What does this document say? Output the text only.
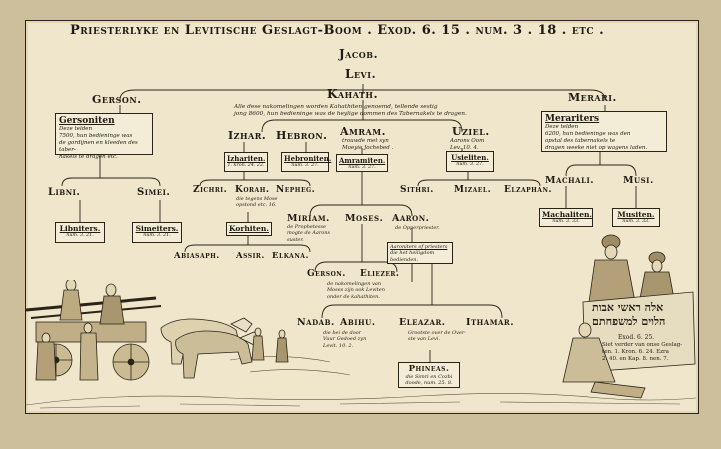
Priesterlyke en Levitische Geslagt-Boom . Exod. 6. 15 . num. 3 . 18 . etc .
Jacob.
Levi.
Gerson.	Kahath.	Merari.
Alle dese nakomelingen worden Kahathiten genoemd, tellende sestig
jong 8600, hun bedieninge was de heylige dommen des Tabernakels te dragen.
Gersoniten
Deze telden
7500, hun bedieninge was
de gordijnen en kleeden des taber-
nakels te dragen etc.
Merariters
Deze telden
6200, hun bedieninge was den
opstal des tabernakels te
dragen weeke niet op wagens laden.
Izhar. Hebron. Amram.
trouwde met syn
Moeyie Jochebed .
Uziel.
Aarons Oom
Lev. 10. 4.
Izhariten.
1. kron. 24. 22.
Hebroniten.
num. 3. 27.
Amramiten.
num. 3. 27.
Usieliten.
num. 3. 27.
Libni.	Simei.
Libniters.
num. 3. 21.
Simeiters.
num. 3. 21.
Zichri. Korah. Nepheg.
die tegens Mose
opstond etc. 16.
Korhiten.
Abiasaph. Assir. Elkana.
Sithri. Mizael. Elzaphan.
Machali.	Musi.
Machaliten.
num. 3. 33.
Musiten.
num. 3. 33.
Miriam.
de Prophetesse
mogte de Aarons
suster.
Moses. Aaron.
de Opperpriester.
Aaroniters of priesters
die het heiligdom
bedienden.
Gerson. Eliezer.
de nakomelingen van
Moses zijn ook Leviten
onder de kahathiten.
Nadab. Abihu. Eleazar. Ithamar.
die bei de door
Vuur Gedoed zyn
Levit. 10. 2.
Grootste over de Over-
ste van Levi.
Phineas.
die Simri en Cozbi
doode, num. 25. 8.
אלה ראשי אבות
הלוים למשפחתם
Exod. 6. 25.
Siet verder van onse Geslag-
ten. 1. Kron. 6. 24. Ezra
2. 40. en Kap. 8. nen. 7.
